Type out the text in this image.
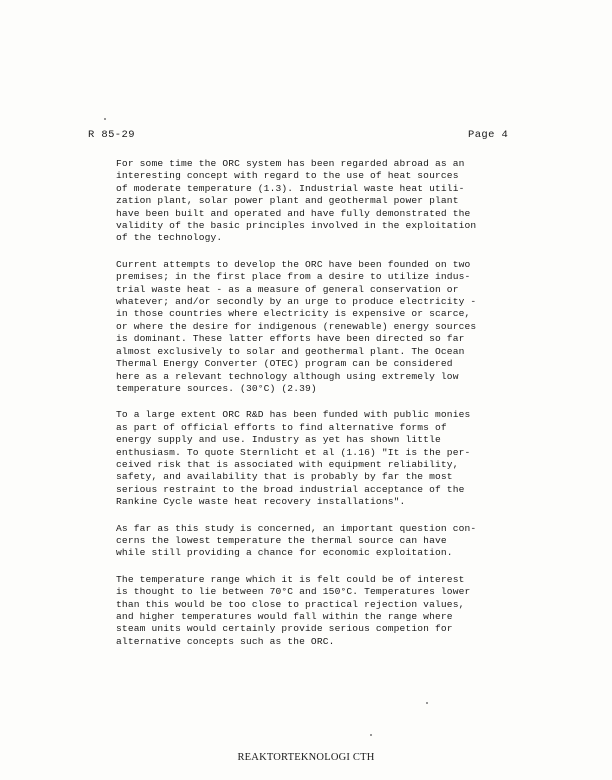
R 85-29	Page 4

For some time the ORC system has been regarded abroad as an
interesting concept with regard to the use of heat sources
of moderate temperature (1.3). Industrial waste heat utili-
zation plant, solar power plant and geothermal power plant
have been built and operated and have fully demonstrated the
validity of the basic principles involved in the exploitation
of the technology.

Current attempts to develop the ORC have been founded on two
premises; in the first place from a desire to utilize indus-
trial waste heat - as a measure of general conservation or
whatever; and/or secondly by an urge to produce electricity -
in those countries where electricity is expensive or scarce,
or where the desire for indigenous (renewable) energy sources
is dominant. These latter efforts have been directed so far
almost exclusively to solar and geothermal plant. The Ocean
Thermal Energy Converter (OTEC) program can be considered
here as a relevant technology although using extremely low
temperature sources. (30°C) (2.39)

To a large extent ORC R&D has been funded with public monies
as part of official efforts to find alternative forms of
energy supply and use. Industry as yet has shown little
enthusiasm. To quote Sternlicht et al (1.16) "It is the per-
ceived risk that is associated with equipment reliability,
safety, and availability that is probably by far the most
serious restraint to the broad industrial acceptance of the
Rankine Cycle waste heat recovery installations".

As far as this study is concerned, an important question con-
cerns the lowest temperature the thermal source can have
while still providing a chance for economic exploitation.

The temperature range which it is felt could be of interest
is thought to lie between 70°C and 150°C. Temperatures lower
than this would be too close to practical rejection values,
and higher temperatures would fall within the range where
steam units would certainly provide serious competion for
alternative concepts such as the ORC.

REAKTORTEKNOLOGI CTH
